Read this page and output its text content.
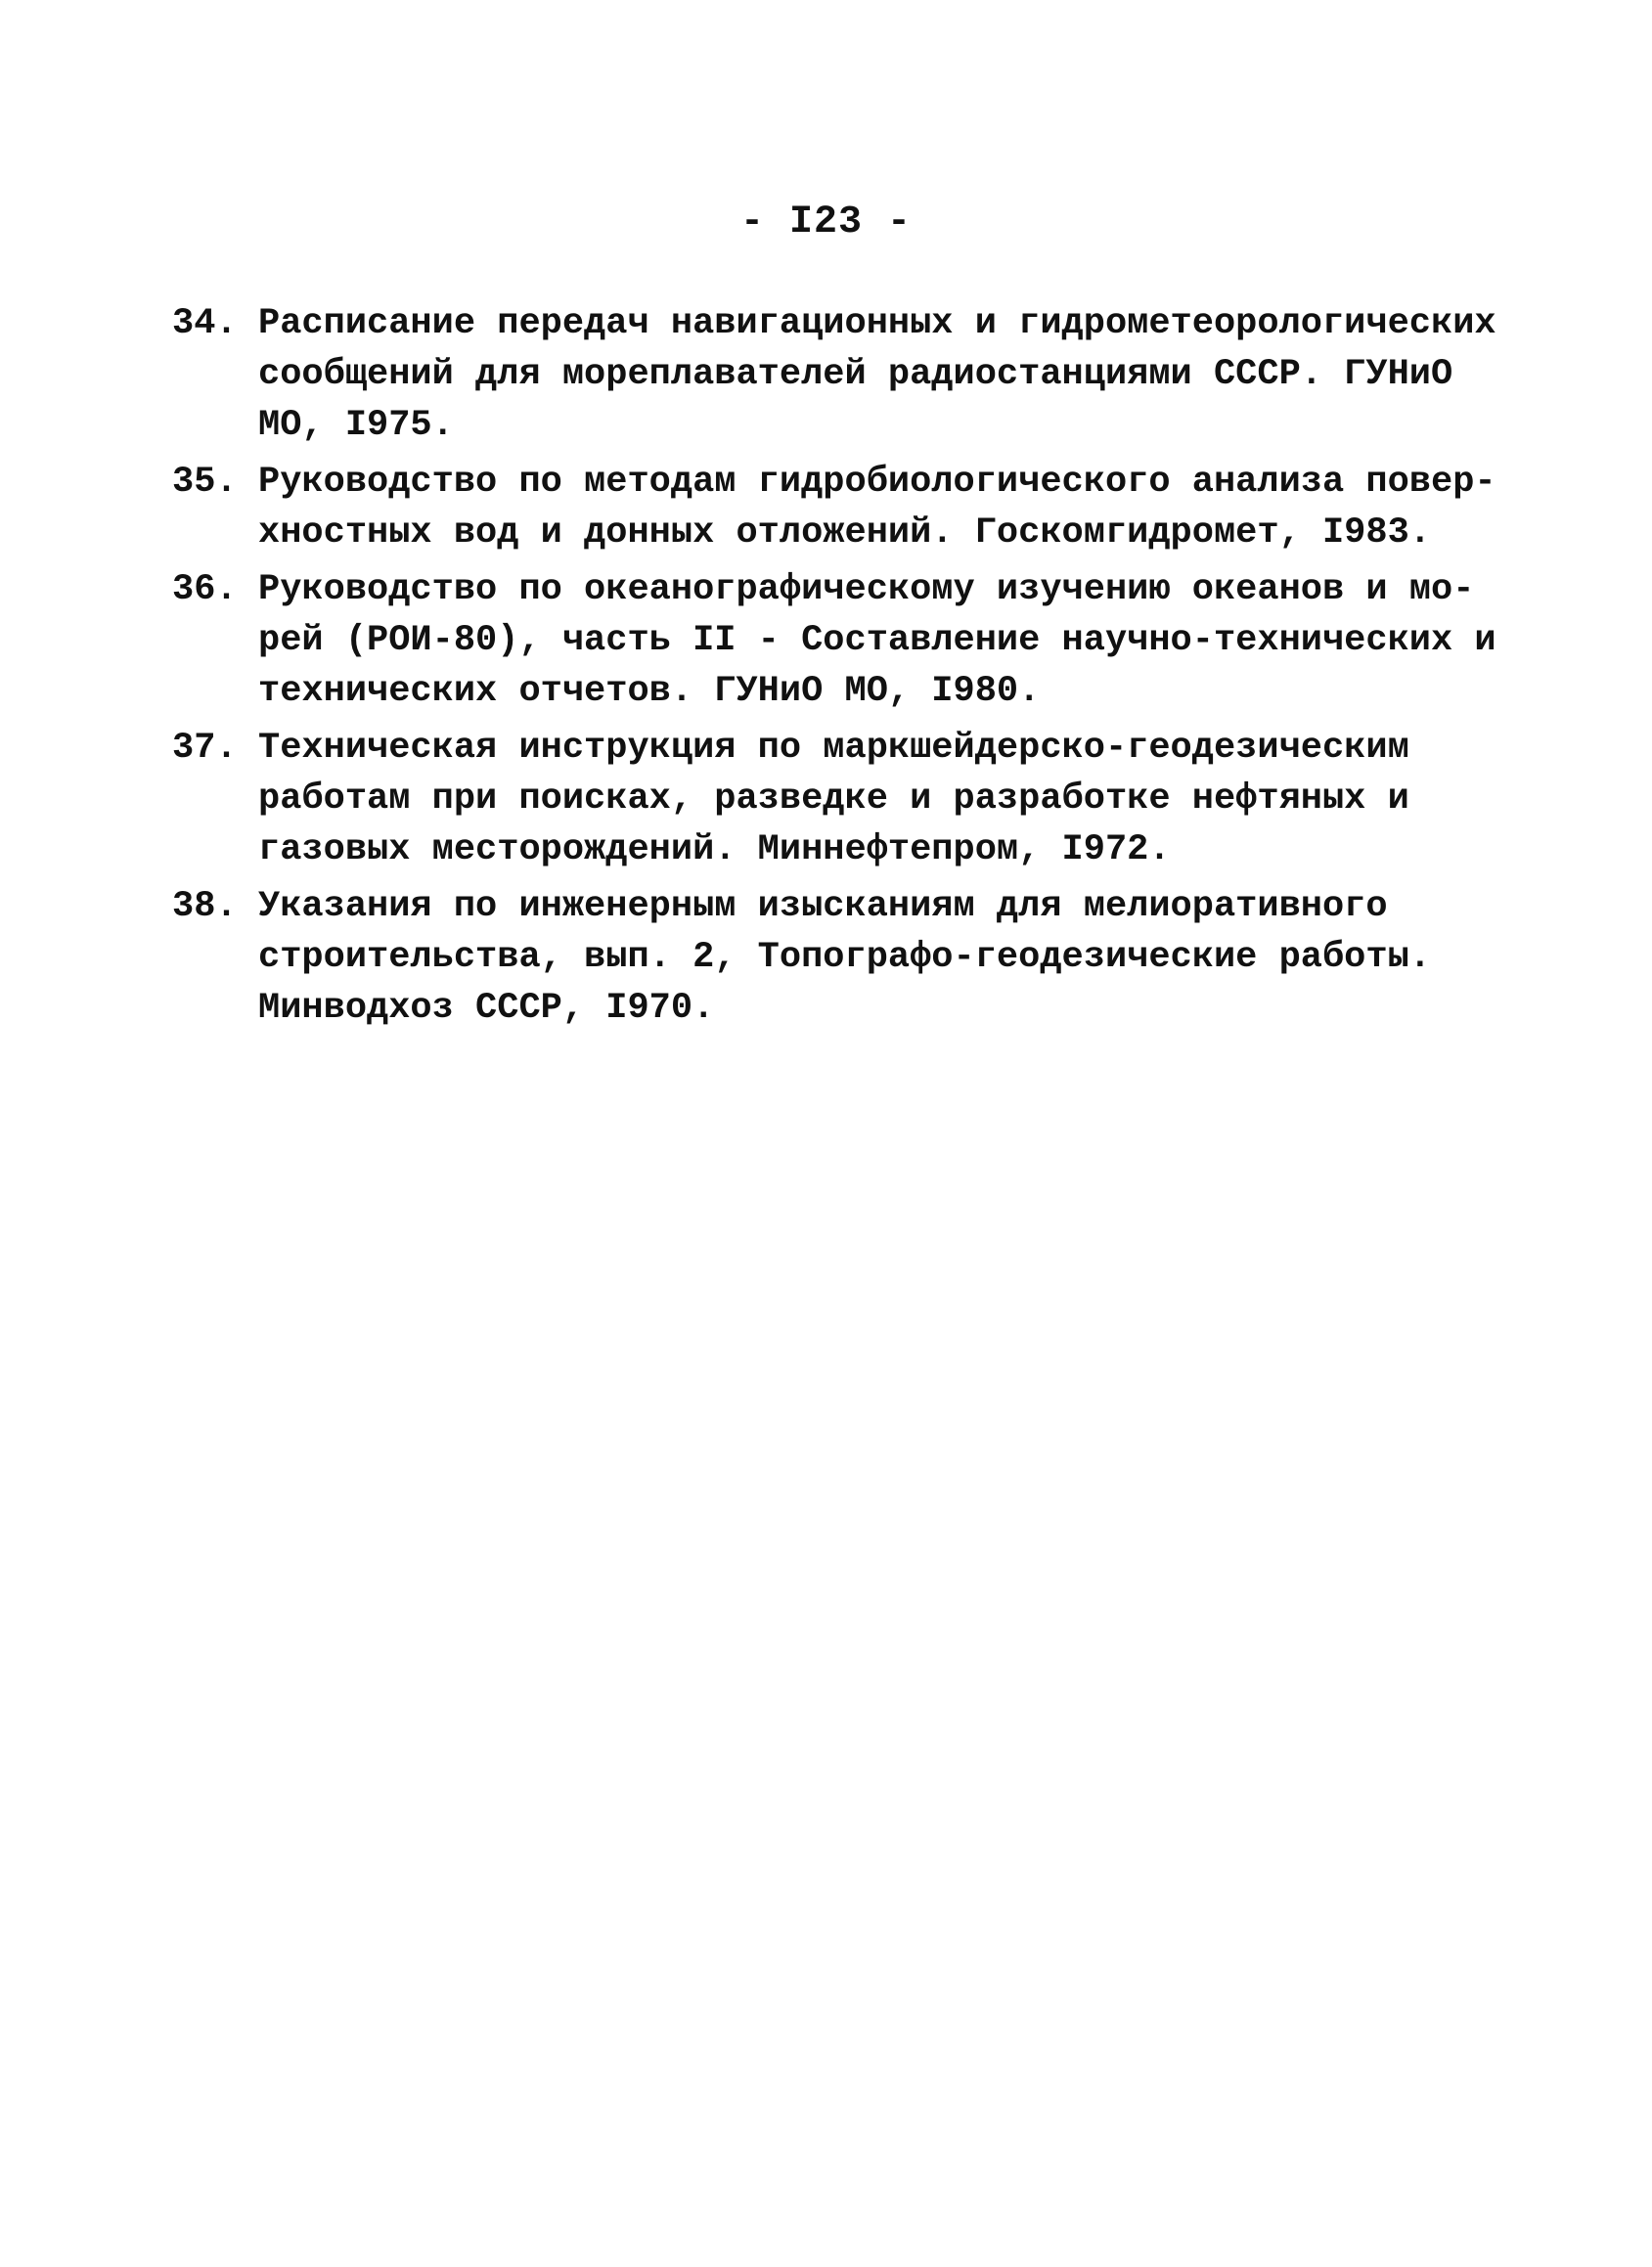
- I23 -
34. Расписание передач навигационных и гидрометеорологических
сообщений для мореплавателей радиостанциями СССР. ГУНиО
МО, I975.
35. Руководство по методам гидробиологического анализа повер-
хностных вод и донных отложений. Госкомгидромет, I983.
36. Руководство по океанографическому изучению океанов и мо-
рей (РОИ-80), часть II - Составление научно-технических и
технических отчетов. ГУНиО МО, I980.
37. Техническая инструкция по маркшейдерско-геодезическим
работам при поисках, разведке и разработке нефтяных и
газовых месторождений. Миннефтепром, I972.
38. Указания по инженерным изысканиям для мелиоративного
строительства, вып. 2, Топографо-геодезические работы.
Минводхоз СССР, I970.
